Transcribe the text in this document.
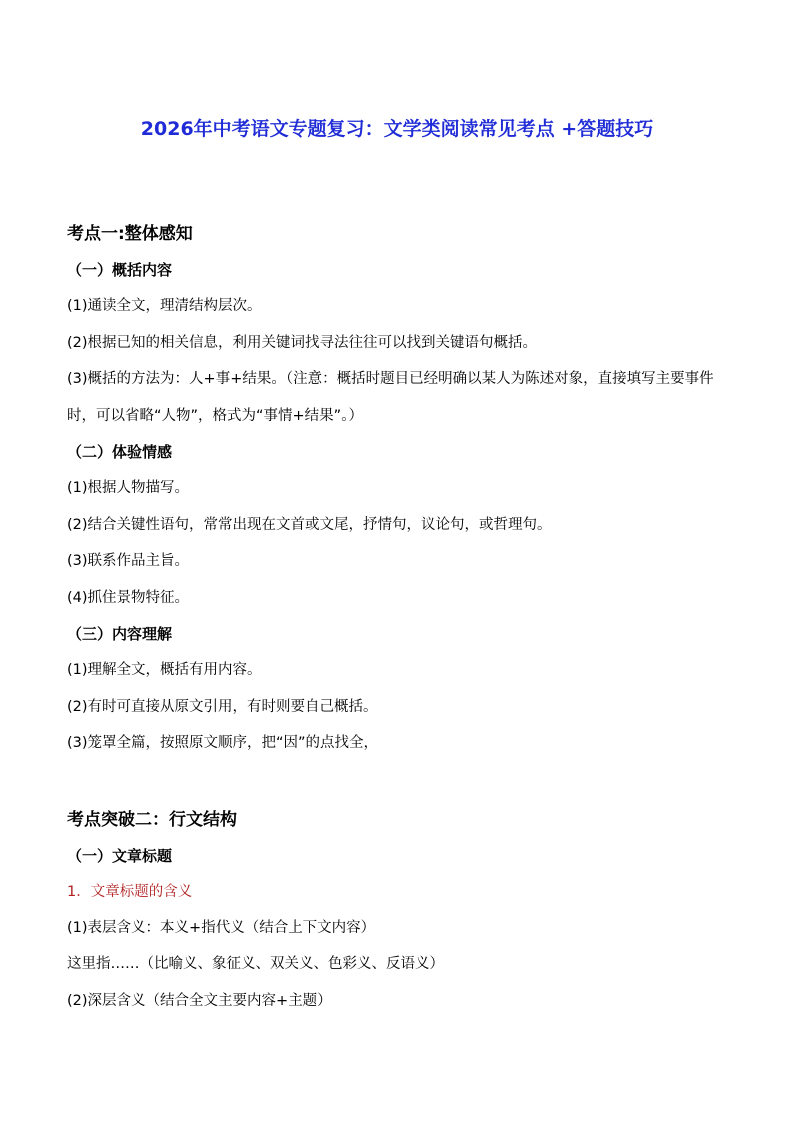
2026年中考语文专题复习：文学类阅读常见考点 +答题技巧
考点一:整体感知
（一）概括内容

(1)通读全文，理清结构层次。

(2)根据已知的相关信息，利用关键词找寻法往往可以找到关键语句概括。

(3)概括的方法为：人+事+结果。（注意：概括时题目已经明确以某人为陈述对象，直接填写主要事件时，可以省略“人物”，格式为“事情+结果”。）

（二）体验情感

(1)根据人物描写。

(2)结合关键性语句，常常出现在文首或文尾，抒情句，议论句，或哲理句。

(3)联系作品主旨。

(4)抓住景物特征。

（三）内容理解

(1)理解全文，概括有用内容。

(2)有时可直接从原文引用，有时则要自己概括。

(3)笼罩全篇，按照原文顺序，把“因”的点找全，

考点突破二：行文结构
（一）文章标题
1．文章标题的含义

(1)表层含义：本义+指代义（结合上下文内容）

这里指……（比喻义、象征义、双关义、色彩义、反语义）

(2)深层含义（结合全文主要内容+主题）
